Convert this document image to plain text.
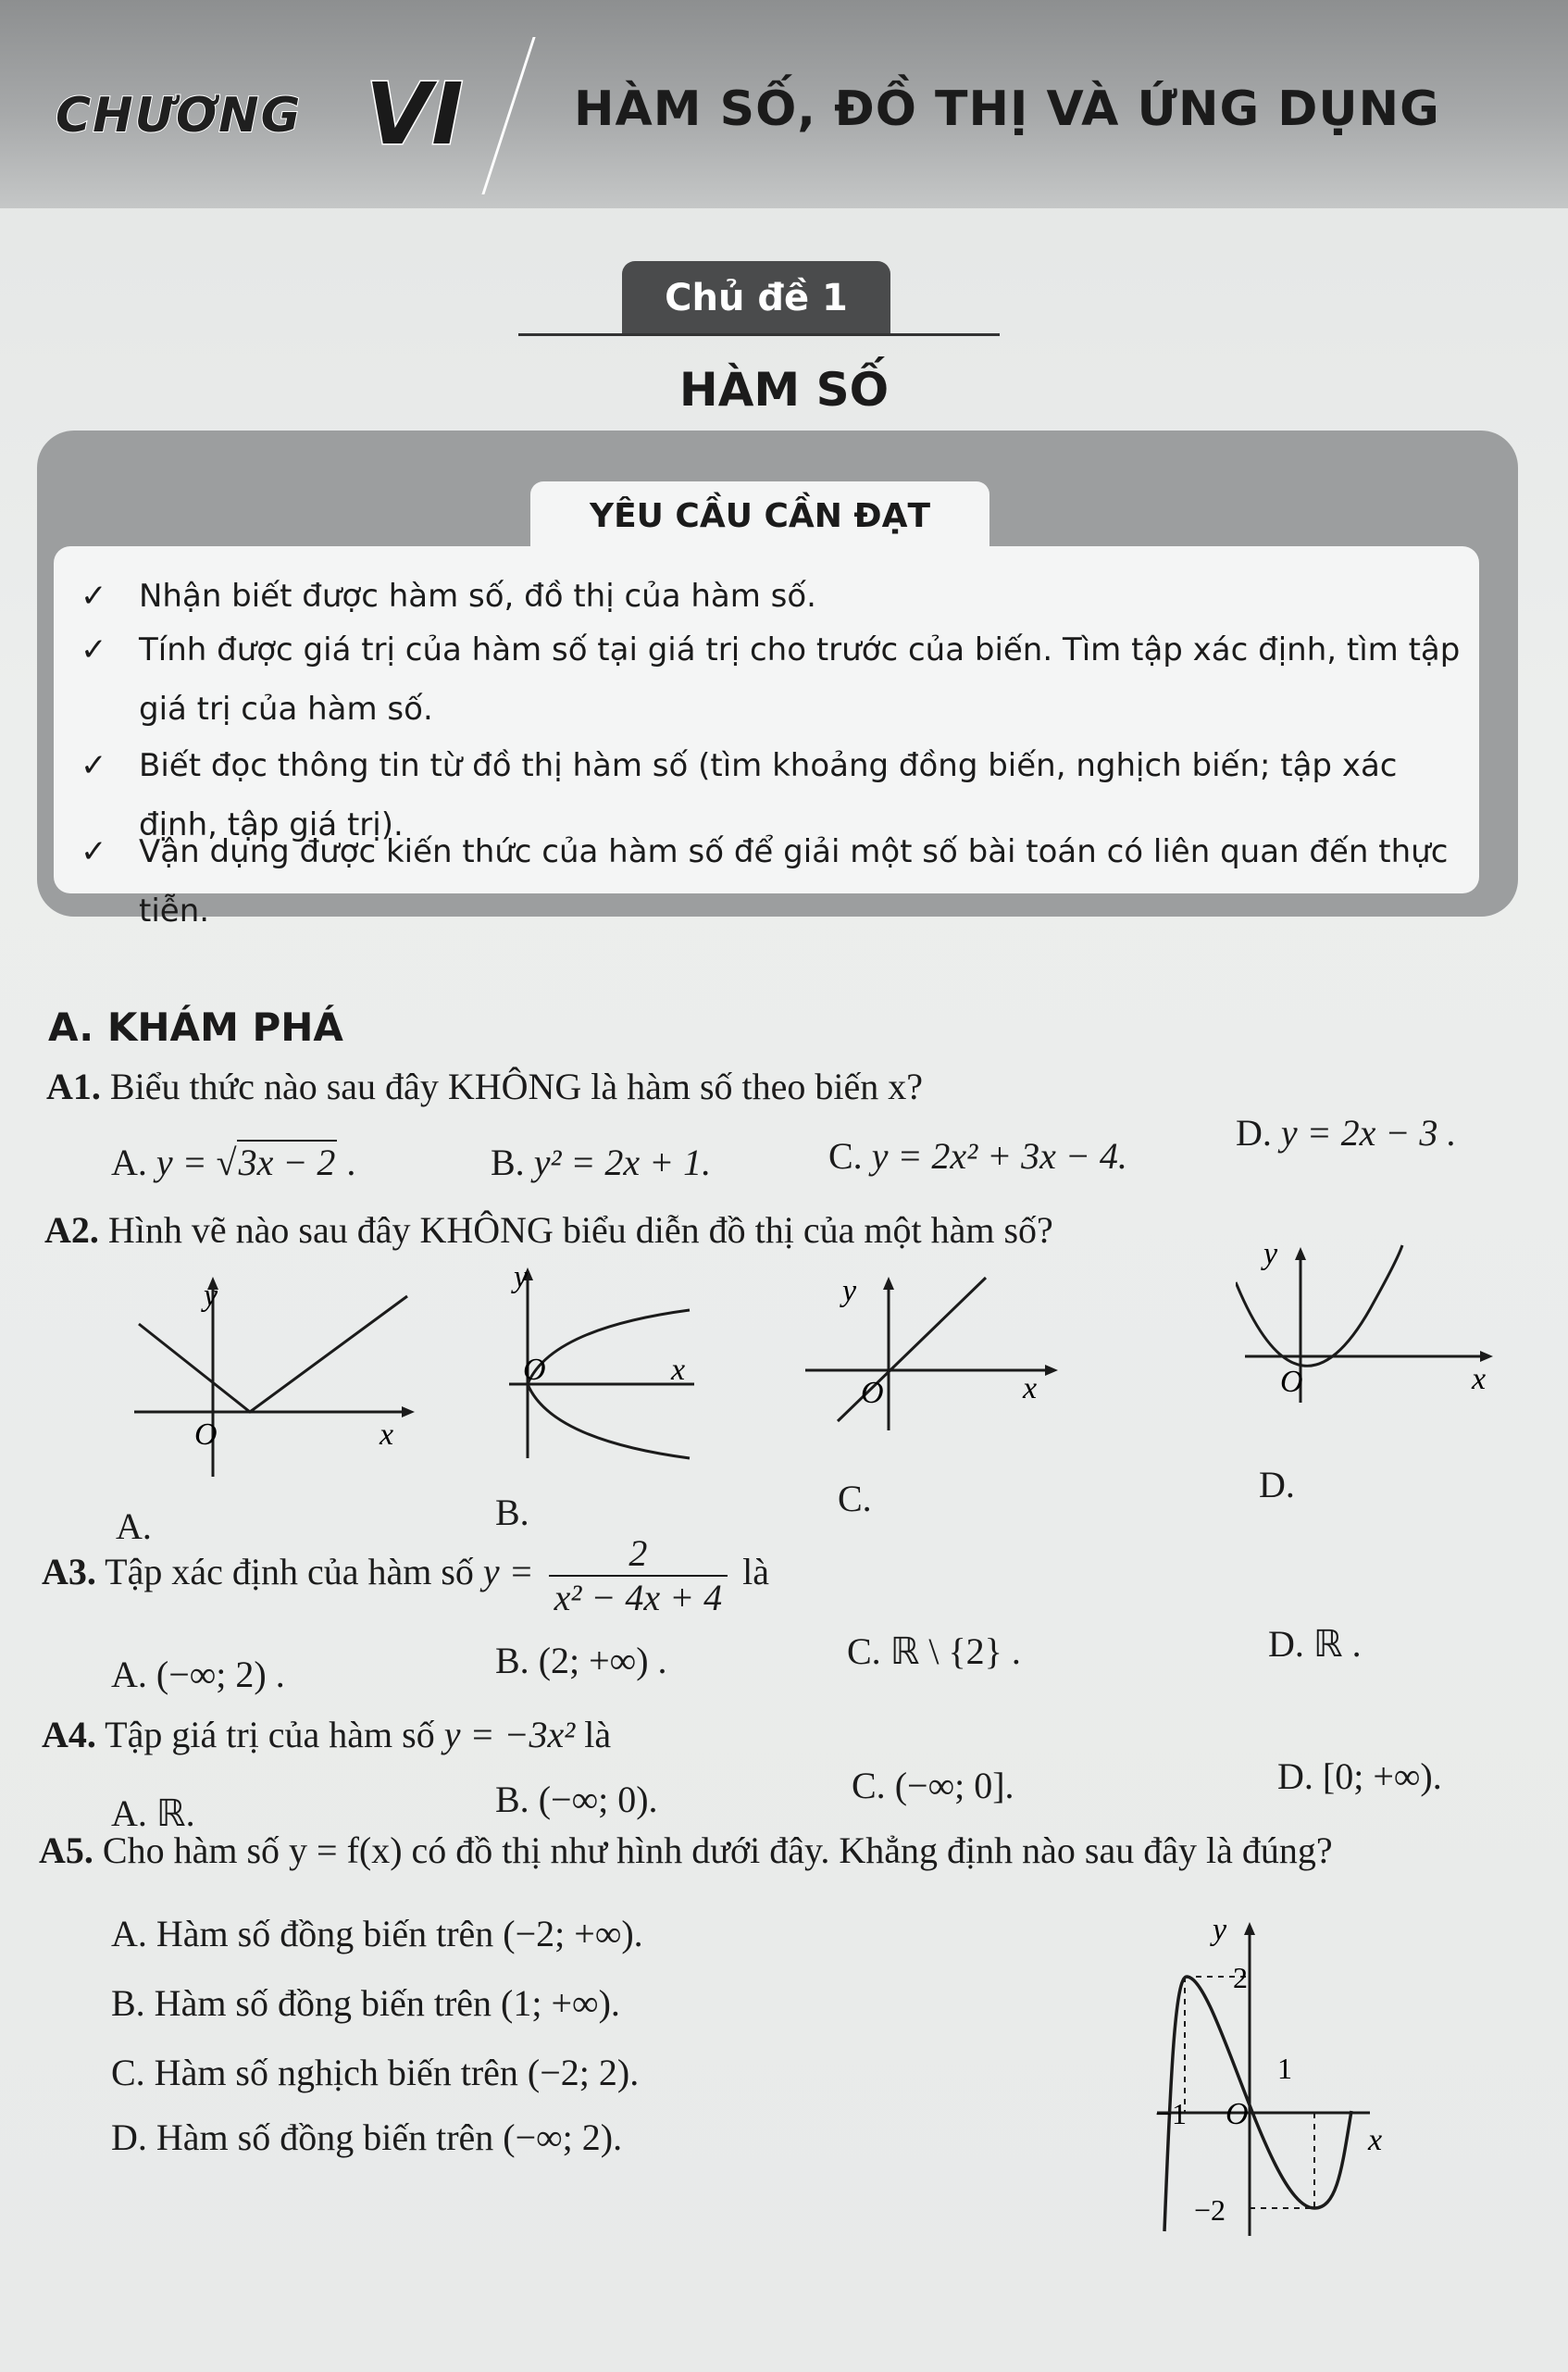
CHƯƠNG VI HÀM SỐ, ĐỒ THỊ VÀ ỨNG DỤNG
Chủ đề 1
HÀM SỐ
YÊU CẦU CẦN ĐẠT
✓	Nhận biết được hàm số, đồ thị của hàm số.
✓	Tính được giá trị của hàm số tại giá trị cho trước của biến. Tìm tập xác định, tìm tập giá trị của hàm số.
✓	Biết đọc thông tin từ đồ thị hàm số (tìm khoảng đồng biến, nghịch biến; tập xác định, tập giá trị).
✓	Vận dụng được kiến thức của hàm số để giải một số bài toán có liên quan đến thực tiễn.
A. KHÁM PHÁ
A1. Biểu thức nào sau đây KHÔNG là hàm số theo biến x?
A. y = √3x − 2 .	B. y² = 2x + 1.	C. y = 2x² + 3x − 4.
D. y = 2x − 3 .
A2. Hình vẽ nào sau đây KHÔNG biểu diễn đồ thị của một hàm số?
y
x
O
A.
y
x
O
B.
y
x
O
C.
y
x
O
D.
A3. Tập xác định của hàm số $y = \frac{2}{\text{x² − 4x + 4}}$ là
A. (−∞; 2) .	B. (2; +∞) .	C. ℝ \ {2} .	D. ℝ .
A4. Tập giá trị của hàm số y = −3x² là
A. ℝ.	B. (−∞; 0).	C. (−∞; 0].	D. [0; +∞).
A5. Cho hàm số y = f(x) có đồ thị như hình dưới đây. Khẳng định nào sau đây là đúng?
A. Hàm số đồng biến trên (−2; +∞).
B. Hàm số đồng biến trên (1; +∞).
C. Hàm số nghịch biến trên (−2; 2).
D. Hàm số đồng biến trên (−∞; 2).
y
x
O
2
1
−1
−2
